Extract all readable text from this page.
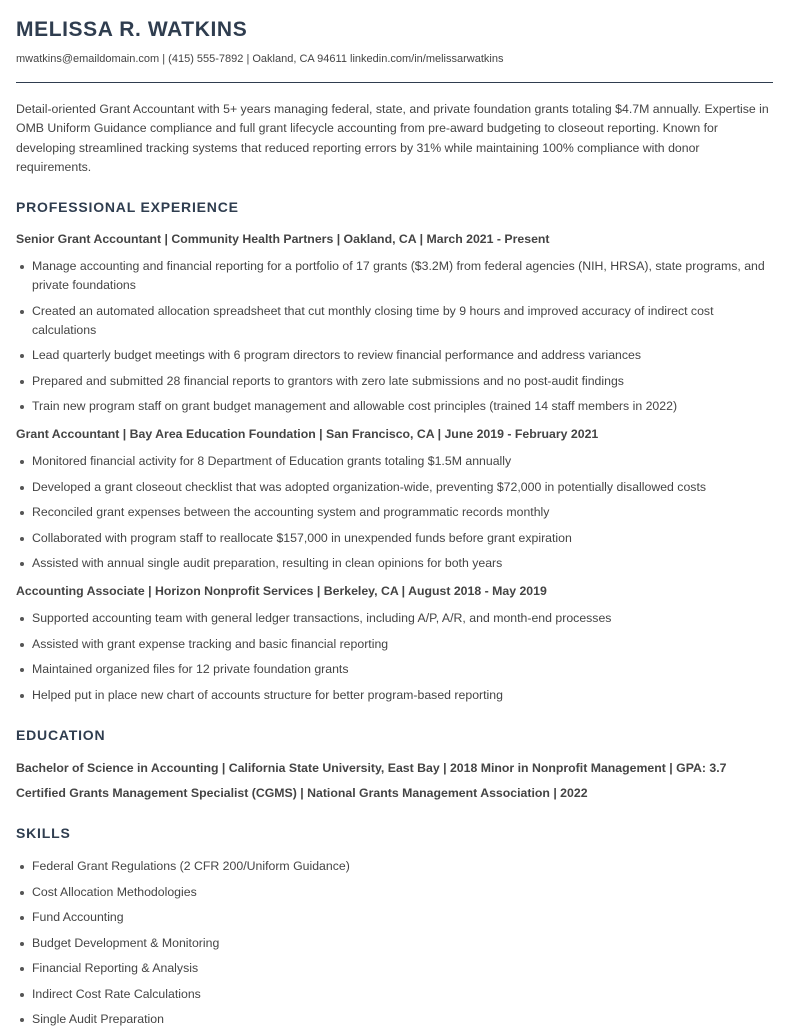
MELISSA R. WATKINS
mwatkins@emaildomain.com | (415) 555-7892 | Oakland, CA 94611 linkedin.com/in/melissarwatkins

Detail-oriented Grant Accountant with 5+ years managing federal, state, and private foundation grants totaling $4.7M annually. Expertise in OMB Uniform Guidance compliance and full grant lifecycle accounting from pre-award budgeting to closeout reporting. Known for developing streamlined tracking systems that reduced reporting errors by 31% while maintaining 100% compliance with donor requirements.

PROFESSIONAL EXPERIENCE
Senior Grant Accountant | Community Health Partners | Oakland, CA | March 2021 - Present
Manage accounting and financial reporting for a portfolio of 17 grants ($3.2M) from federal agencies (NIH, HRSA), state programs, and private foundations
Created an automated allocation spreadsheet that cut monthly closing time by 9 hours and improved accuracy of indirect cost calculations
Lead quarterly budget meetings with 6 program directors to review financial performance and address variances
Prepared and submitted 28 financial reports to grantors with zero late submissions and no post-audit findings
Train new program staff on grant budget management and allowable cost principles (trained 14 staff members in 2022)
Grant Accountant | Bay Area Education Foundation | San Francisco, CA | June 2019 - February 2021
Monitored financial activity for 8 Department of Education grants totaling $1.5M annually
Developed a grant closeout checklist that was adopted organization-wide, preventing $72,000 in potentially disallowed costs
Reconciled grant expenses between the accounting system and programmatic records monthly
Collaborated with program staff to reallocate $157,000 in unexpended funds before grant expiration
Assisted with annual single audit preparation, resulting in clean opinions for both years
Accounting Associate | Horizon Nonprofit Services | Berkeley, CA | August 2018 - May 2019
Supported accounting team with general ledger transactions, including A/P, A/R, and month-end processes
Assisted with grant expense tracking and basic financial reporting
Maintained organized files for 12 private foundation grants
Helped put in place new chart of accounts structure for better program-based reporting
EDUCATION
Bachelor of Science in Accounting | California State University, East Bay | 2018 Minor in Nonprofit Management | GPA: 3.7
Certified Grants Management Specialist (CGMS) | National Grants Management Association | 2022
SKILLS
Federal Grant Regulations (2 CFR 200/Uniform Guidance)
Cost Allocation Methodologies
Fund Accounting
Budget Development & Monitoring
Financial Reporting & Analysis
Indirect Cost Rate Calculations
Single Audit Preparation
